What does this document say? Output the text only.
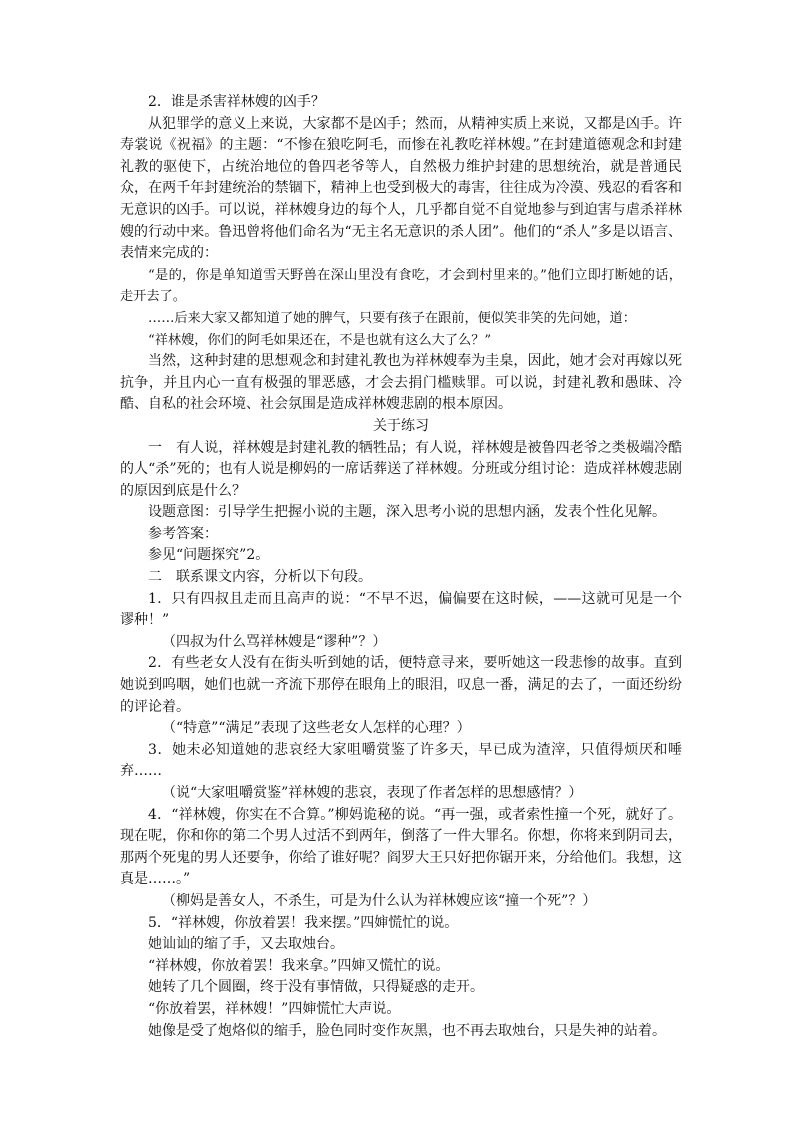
2．谁是杀害祥林嫂的凶手？

从犯罪学的意义上来说，大家都不是凶手；然而，从精神实质上来说，又都是凶手。许寿裳说《祝福》的主题：“不惨在狼吃阿毛，而惨在礼教吃祥林嫂。”在封建道德观念和封建礼教的驱使下，占统治地位的鲁四老爷等人，自然极力维护封建的思想统治，就是普通民众，在两千年封建统治的禁锢下，精神上也受到极大的毒害，往往成为冷漠、残忍的看客和无意识的凶手。可以说，祥林嫂身边的每个人，几乎都自觉不自觉地参与到迫害与虐杀祥林嫂的行动中来。鲁迅曾将他们命名为“无主名无意识的杀人团”。他们的“杀人”多是以语言、表情来完成的：

“是的，你是单知道雪天野兽在深山里没有食吃，才会到村里来的。”他们立即打断她的话，走开去了。

……后来大家又都知道了她的脾气，只要有孩子在跟前，便似笑非笑的先问她，道：

“祥林嫂，你们的阿毛如果还在，不是也就有这么大了么？”

当然，这种封建的思想观念和封建礼教也为祥林嫂奉为圭臬，因此，她才会对再嫁以死抗争，并且内心一直有极强的罪恶感，才会去捐门槛赎罪。可以说，封建礼教和愚昧、冷酷、自私的社会环境、社会氛围是造成祥林嫂悲剧的根本原因。

关于练习

一　有人说，祥林嫂是封建礼教的牺牲品；有人说，祥林嫂是被鲁四老爷之类极端冷酷的人“杀”死的；也有人说是柳妈的一席话葬送了祥林嫂。分班或分组讨论：造成祥林嫂悲剧的原因到底是什么？

设题意图：引导学生把握小说的主题，深入思考小说的思想内涵，发表个性化见解。

参考答案：

参见“问题探究”2。

二　联系课文内容，分析以下句段。

1．只有四叔且走而且高声的说：“不早不迟，偏偏要在这时候，——这就可见是一个谬种！”

（四叔为什么骂祥林嫂是“谬种”？）

2．有些老女人没有在街头听到她的话，便特意寻来，要听她这一段悲惨的故事。直到她说到呜咽，她们也就一齐流下那停在眼角上的眼泪，叹息一番，满足的去了，一面还纷纷的评论着。

（“特意”“满足”表现了这些老女人怎样的心理？）

3．她未必知道她的悲哀经大家咀嚼赏鉴了许多天，早已成为渣滓，只值得烦厌和唾弃……

（说“大家咀嚼赏鉴”祥林嫂的悲哀，表现了作者怎样的思想感情？）

4．“祥林嫂，你实在不合算。”柳妈诡秘的说。“再一强，或者索性撞一个死，就好了。现在呢，你和你的第二个男人过活不到两年，倒落了一件大罪名。你想，你将来到阴司去，那两个死鬼的男人还要争，你给了谁好呢？阎罗大王只好把你锯开来，分给他们。我想，这真是……。”

（柳妈是善女人，不杀生，可是为什么认为祥林嫂应该“撞一个死”？）

5．“祥林嫂，你放着罢！我来摆。”四婶慌忙的说。

她讪讪的缩了手，又去取烛台。

“祥林嫂，你放着罢！我来拿。”四婶又慌忙的说。

她转了几个圆圈，终于没有事情做，只得疑惑的走开。

“你放着罢，祥林嫂！”四婶慌忙大声说。

她像是受了炮烙似的缩手，脸色同时变作灰黑，也不再去取烛台，只是失神的站着。
